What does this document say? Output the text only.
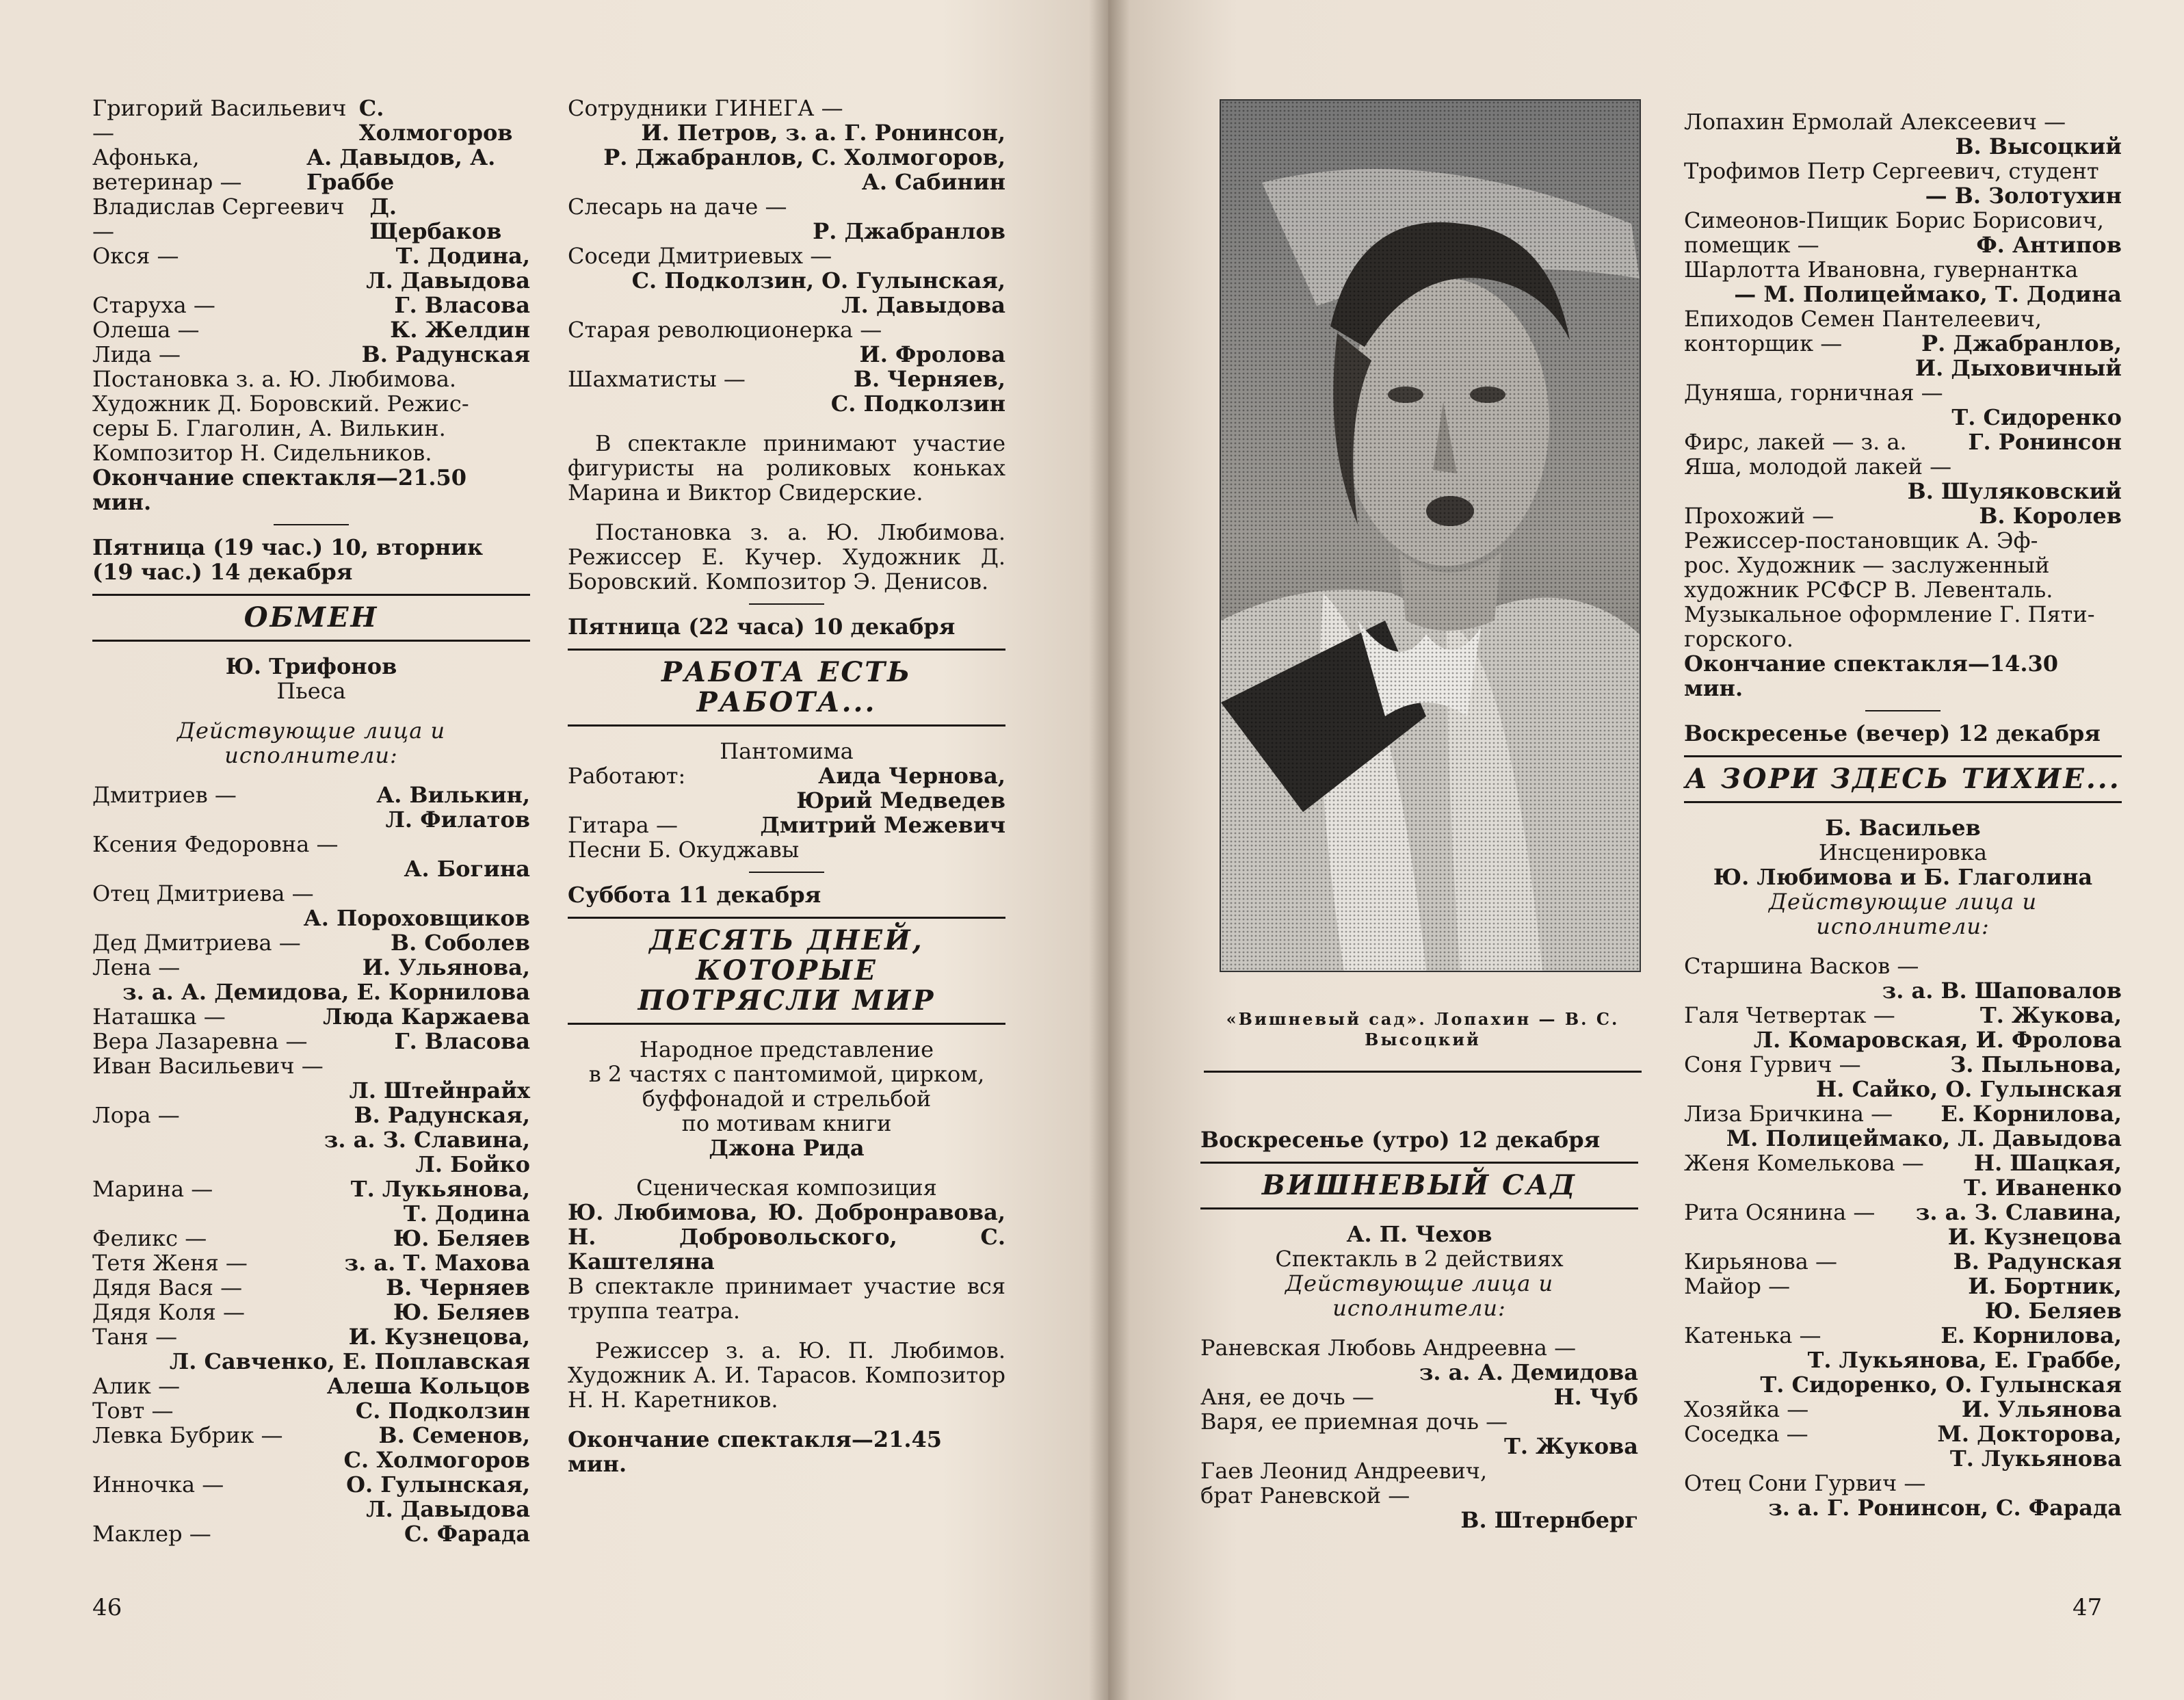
Григорий Васильевич —
С. Холмогоров
Афонька, ветеринар —
А. Давыдов, А. Граббе
Владислав Сергеевич —
Д. Щербаков
Окся —	Т. Додина,
Л. Давыдова
Старуха —	Г. Власова
Олеша —	К. Желдин
Лида —	В. Радунская
Постановка з. а. Ю. Любимова.
Художник Д. Боровский. Режис-
серы Б. Глаголин, А. Вилькин.
Композитор Н. Сидельников.
Окончание спектакля—21.50 мин.
Пятница (19 час.) 10, вторник (19 час.) 14 декабря
ОБМЕН
Ю. Трифонов
Пьеса
Действующие лица и исполнители:
Дмитриев —	А. Вилькин,
Л. Филатов
Ксения Федоровна —
А. Богина
Отец Дмитриева —
А. Пороховщиков
Дед Дмитриева —	В. Соболев
Лена —	И. Ульянова,
з. а. А. Демидова, Е. Корнилова
Наташка —	Люда Каржаева
Вера Лазаревна —	Г. Власова
Иван Васильевич —
Л. Штейнрайх
Лора —	В. Радунская,
з. а. З. Славина,
Л. Бойко
Марина —	Т. Лукьянова,
Т. Додина
Феликс —	Ю. Беляев
Тетя Женя —	з. а. Т. Махова
Дядя Вася —	В. Черняев
Дядя Коля —	Ю. Беляев
Таня —	И. Кузнецова,
Л. Савченко, Е. Поплавская
Алик —	Алеша Кольцов
Товт —	С. Подколзин
Левка Бубрик —	В. Семенов,
С. Холмогоров
Инночка —	О. Гулынская,
Л. Давыдова
Маклер —	С. Фарада
Сотрудники ГИНЕГА —
И. Петров, з. а. Г. Ронинсон,
Р. Джабранлов, С. Холмогоров,
А. Сабинин
Слесарь на даче —
Р. Джабранлов
Соседи Дмитриевых —
С. Подколзин, О. Гулынская,
Л. Давыдова
Старая революционерка —
И. Фролова
Шахматисты —	В. Черняев,
С. Подколзин
В спектакле принимают участие фигуристы на роликовых коньках Марина и Виктор Свидерские.
Постановка з. а. Ю. Любимова. Режиссер Е. Кучер. Художник Д. Боровский. Композитор Э. Денисов.
Пятница (22 часа) 10 декабря
РАБОТА ЕСТЬ РАБОТА...
Пантомима
Работают:	Аида Чернова,
Юрий Медведев
Гитара —	Дмитрий Межевич
Песни Б. Окуджавы
Суббота 11 декабря
ДЕСЯТЬ ДНЕЙ,
КОТОРЫЕ
ПОТРЯСЛИ МИР
Народное представление
в 2 частях с пантомимой, цирком,
буффонадой и стрельбой
по мотивам книги
Джона Рида
Сценическая композиция
Ю. Любимова, Ю. Добронравова, Н. Добровольского, С. Каштеляна
В спектакле принимает участие вся труппа театра.
Режиссер з. а. Ю. П. Любимов. Художник А. И. Тарасов. Композитор Н. Н. Каретников.
Окончание спектакля—21.45 мин.
46
«Вишневый сад». Лопахин — В. С. Высоцкий
Воскресенье (утро) 12 декабря
ВИШНЕВЫЙ САД
А. П. Чехов
Спектакль в 2 действиях
Действующие лица и исполнители:
Раневская Любовь Андреевна —
з. а. А. Демидова
Аня, ее дочь —	Н. Чуб
Варя, ее приемная дочь —
Т. Жукова
Гаев Леонид Андреевич,
брат Раневской —
В. Штернберг
Лопахин Ермолай Алексеевич —
В. Высоцкий
Трофимов Петр Сергеевич, студент
— В. Золотухин
Симеонов-Пищик Борис Борисович,
помещик —	Ф. Антипов
Шарлотта Ивановна, гувернантка
— М. Полицеймако, Т. Додина
Епиходов Семен Пантелеевич,
конторщик —	Р. Джабранлов,
И. Дыховичный
Дуняша, горничная —
Т. Сидоренко
Фирс, лакей — з. а.	Г. Ронинсон
Яша, молодой лакей —
В. Шуляковский
Прохожий —	В. Королев
Режиссер-постановщик А. Эф-
рос. Художник — заслуженный
художник РСФСР В. Левенталь.
Музыкальное оформление Г. Пяти-
горского.
Окончание спектакля—14.30 мин.
Воскресенье (вечер) 12 декабря
А ЗОРИ ЗДЕСЬ ТИХИЕ...
Б. Васильев
Инсценировка
Ю. Любимова и Б. Глаголина
Действующие лица и исполнители:
Старшина Васков —
з. а. В. Шаповалов
Галя Четвертак —	Т. Жукова,
Л. Комаровская, И. Фролова
Соня Гурвич —	З. Пыльнова,
Н. Сайко, О. Гулынская
Лиза Бричкина — Е. Корнилова,
М. Полицеймако, Л. Давыдова
Женя Комелькова — Н. Шацкая,
Т. Иваненко
Рита Осянина — з. а. З. Славина,
И. Кузнецова
Кирьянова —	В. Радунская
Майор —	И. Бортник,
Ю. Беляев
Катенька —	Е. Корнилова,
Т. Лукьянова, Е. Граббе,
Т. Сидоренко, О. Гулынская
Хозяйка —	И. Ульянова
Соседка —	М. Докторова,
Т. Лукьянова
Отец Сони Гурвич —
з. а. Г. Ронинсон, С. Фарада
47
